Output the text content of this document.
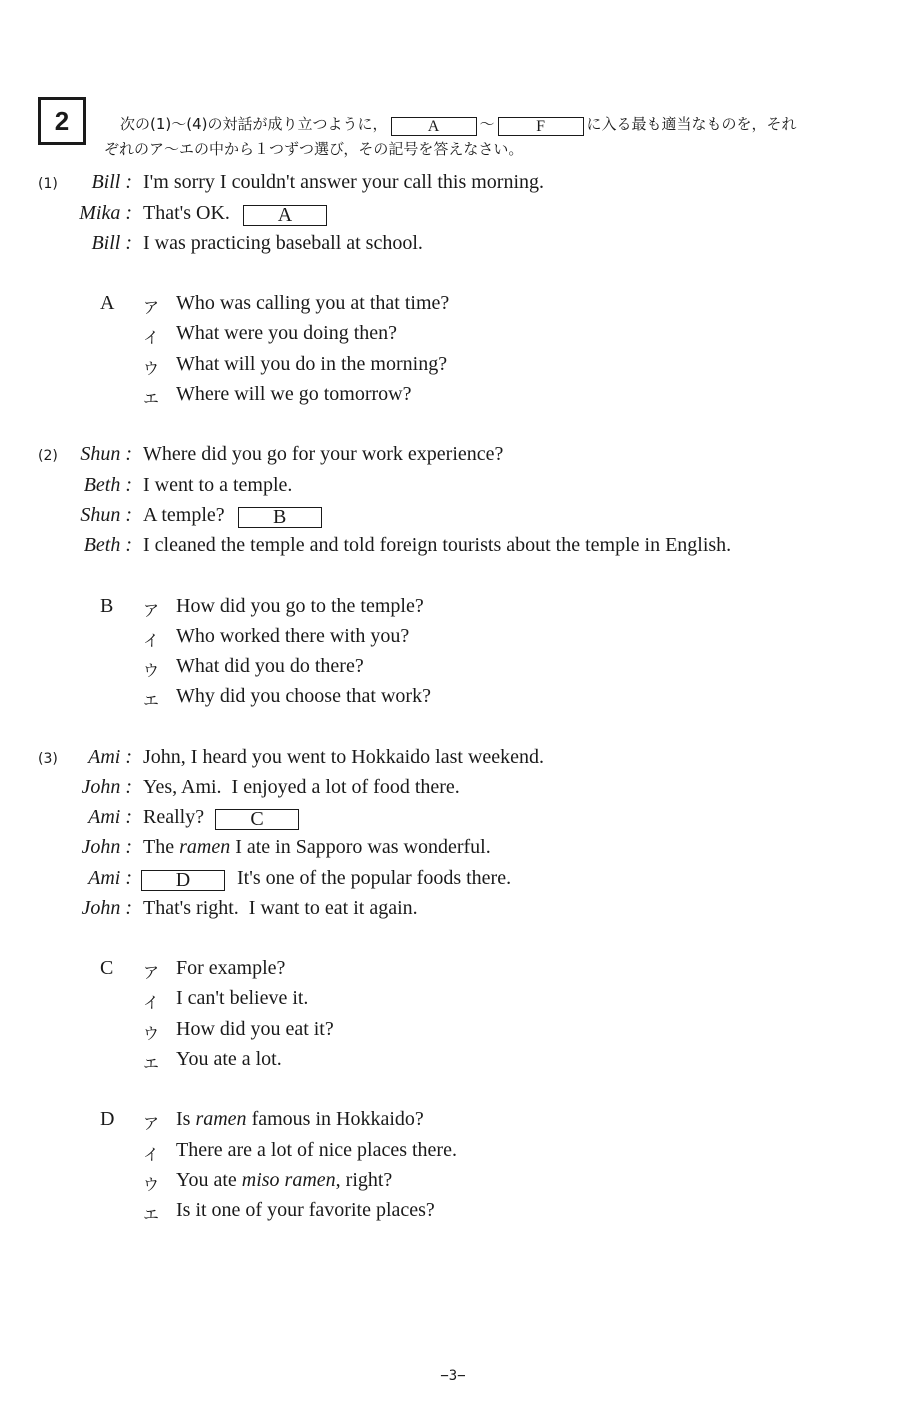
2	次の(1)〜(4)の対話が成り立つように，	A	〜	F	に入る最も適当なものを，それ
ぞれのア〜エの中から１つずつ選び，その記号を答えなさい。
(1)	Bill : I'm sorry I couldn't answer your call this morning.
Mika : That's OK. A
Bill : I was practicing baseball at school.
A ア Who was calling you at that time?
イ What were you doing then?
ウ What will you do in the morning?
エ Where will we go tomorrow?
(2)	Shun : Where did you go for your work experience?
Beth : I went to a temple.
Shun : A temple? B
Beth : I cleaned the temple and told foreign tourists about the temple in English.
B ア How did you go to the temple?
イ Who worked there with you?
ウ What did you do there?
エ Why did you choose that work?
(3)	Ami : John, I heard you went to Hokkaido last weekend.
John : Yes, Ami.  I enjoyed a lot of food there.
Ami : Really? C
John : The ramen I ate in Sapporo was wonderful.
Ami :	D It's one of the popular foods there.
John : That's right.  I want to eat it again.
C ア For example?
イ I can't believe it.
ウ How did you eat it?
エ You ate a lot.
D ア Is ramen famous in Hokkaido?
イ There are a lot of nice places there.
ウ You ate miso ramen, right?
エ Is it one of your favorite places?
−3−
